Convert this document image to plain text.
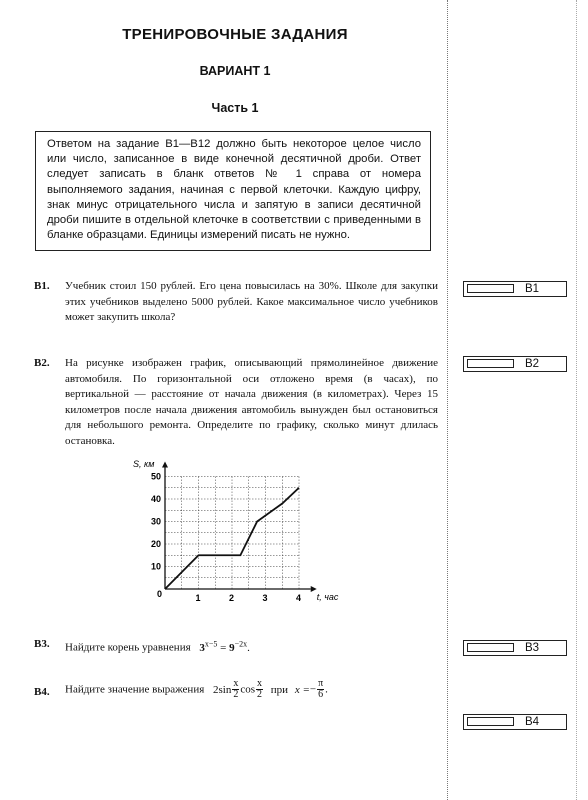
ТРЕНИРОВОЧНЫЕ ЗАДАНИЯ
ВАРИАНТ 1
Часть 1
Ответом на задание В1—В12 должно быть некоторое целое число или число, записанное в виде конечной десятичной дроби. Ответ следует записать в бланк ответов № 1 справа от номера выполняемого задания, начиная с первой клеточки. Каждую цифру, знак минус отрицательного числа и запятую в записи десятичной дроби пишите в отдельной клеточке в соответствии с приведенными в бланке образцами. Единицы измерений писать не нужно.
B1. Учебник стоил 150 рублей. Его цена повысилась на 30%. Школе для закупки этих учебников выделено 5000 рублей. Какое максимальное число учебников может закупить школа?
B1
B2. На рисунке изображен график, описывающий прямолинейное движение автомобиля. По горизонтальной оси отложено время (в часах), по вертикальной — расстояние от начала движения (в километрах). Через 15 километров после начала движения автомобиль вынужден был остановиться для небольшого ремонта. Определите по графику, сколько минут длилась остановка.
B2
1	2	3	4
10
20
30
40
50
0
S, км
t, час
B3. Найдите корень уравнения $3^{x-5} = 9^{-2x}$.	B3
B4. Найдите значение выражения $2\sin \frac{x}{2}$ $\cos \frac{x}{2}$ при $x =- \frac{\pi}{6}$ .
B4
